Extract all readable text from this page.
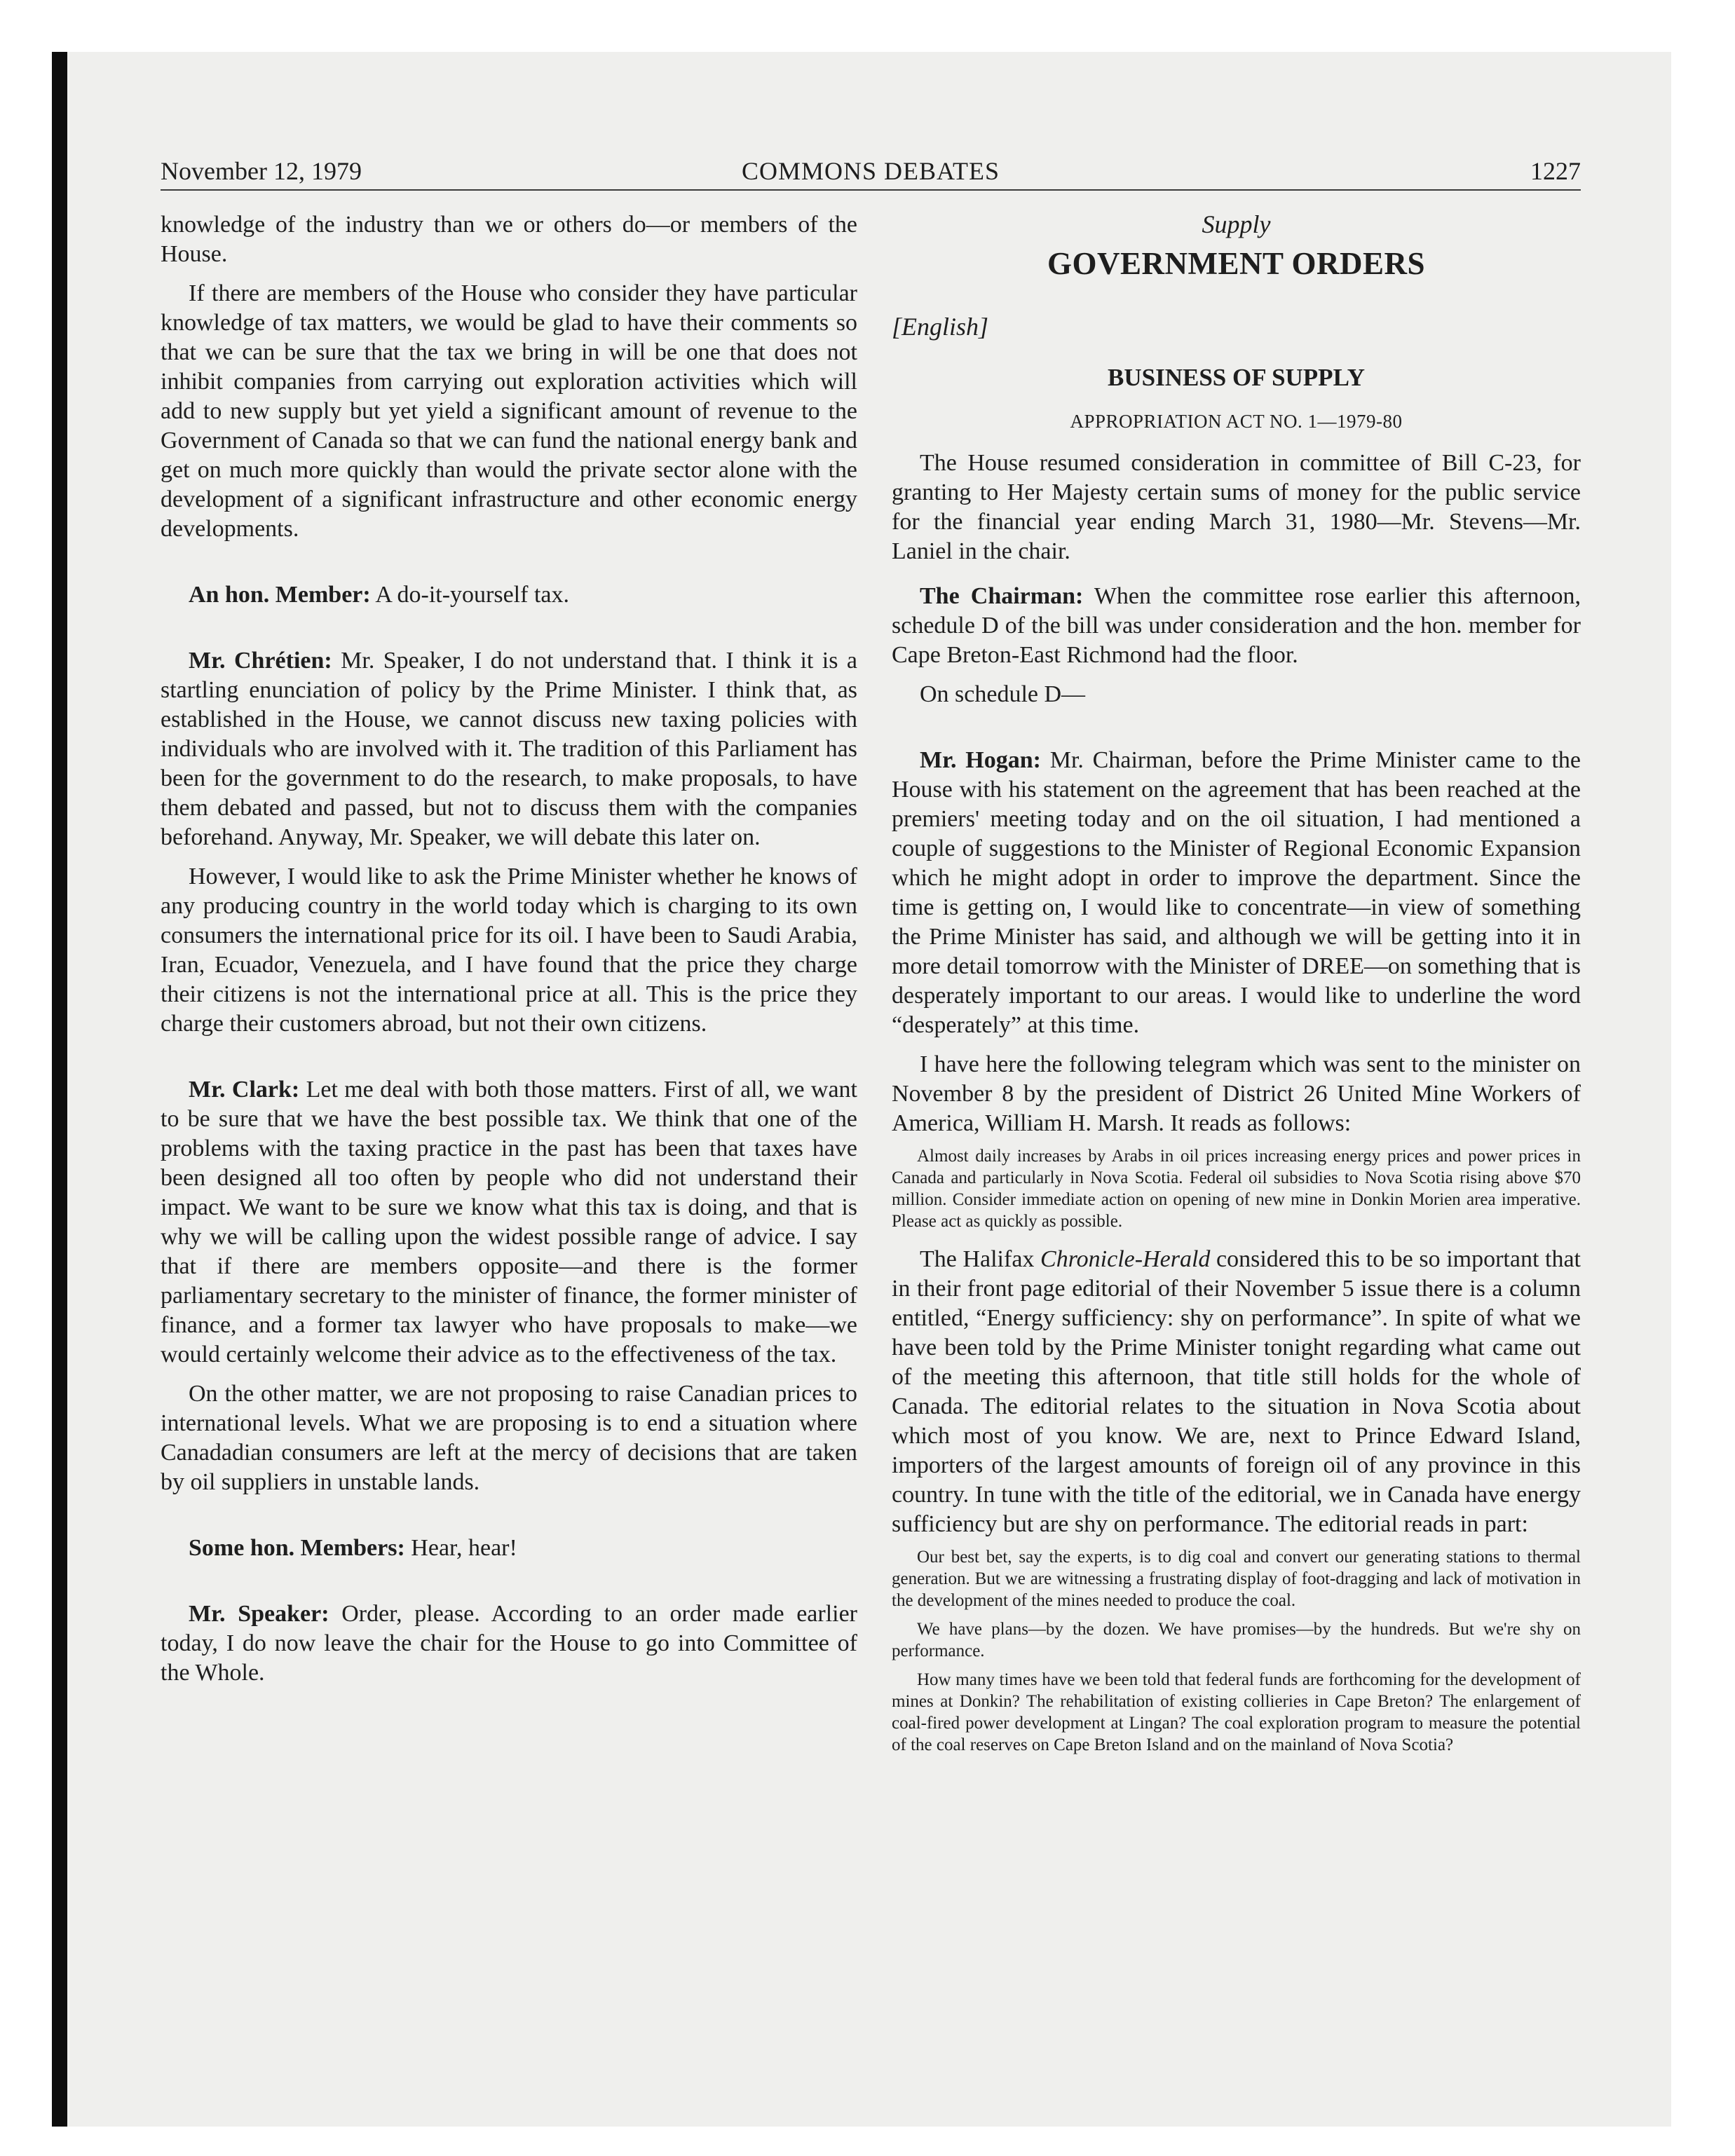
November 12, 1979	COMMONS DEBATES	1227

knowledge of the industry than we or others do—or members of the House.

If there are members of the House who consider they have particular knowledge of tax matters, we would be glad to have their comments so that we can be sure that the tax we bring in will be one that does not inhibit companies from carrying out exploration activities which will add to new supply but yet yield a significant amount of revenue to the Government of Canada so that we can fund the national energy bank and get on much more quickly than would the private sector alone with the development of a significant infrastructure and other economic energy developments.

An hon. Member: A do-it-yourself tax.

Mr. Chrétien: Mr. Speaker, I do not understand that. I think it is a startling enunciation of policy by the Prime Minister. I think that, as established in the House, we cannot discuss new taxing policies with individuals who are involved with it. The tradition of this Parliament has been for the government to do the research, to make proposals, to have them debated and passed, but not to discuss them with the companies beforehand. Anyway, Mr. Speaker, we will debate this later on.

However, I would like to ask the Prime Minister whether he knows of any producing country in the world today which is charging to its own consumers the international price for its oil. I have been to Saudi Arabia, Iran, Ecuador, Venezuela, and I have found that the price they charge their citizens is not the international price at all. This is the price they charge their customers abroad, but not their own citizens.

Mr. Clark: Let me deal with both those matters. First of all, we want to be sure that we have the best possible tax. We think that one of the problems with the taxing practice in the past has been that taxes have been designed all too often by people who did not understand their impact. We want to be sure we know what this tax is doing, and that is why we will be calling upon the widest possible range of advice. I say that if there are members opposite—and there is the former parliamentary secretary to the minister of finance, the former minister of finance, and a former tax lawyer who have proposals to make—we would certainly welcome their advice as to the effectiveness of the tax.

On the other matter, we are not proposing to raise Canadian prices to international levels. What we are proposing is to end a situation where Canadadian consumers are left at the mercy of decisions that are taken by oil suppliers in unstable lands.

Some hon. Members: Hear, hear!

Mr. Speaker: Order, please. According to an order made earlier today, I do now leave the chair for the House to go into Committee of the Whole.

Supply

GOVERNMENT ORDERS

[English]

BUSINESS OF SUPPLY

APPROPRIATION ACT NO. 1—1979-80

The House resumed consideration in committee of Bill C-23, for granting to Her Majesty certain sums of money for the public service for the financial year ending March 31, 1980—Mr. Stevens—Mr. Laniel in the chair.

The Chairman: When the committee rose earlier this afternoon, schedule D of the bill was under consideration and the hon. member for Cape Breton-East Richmond had the floor.

On schedule D—

Mr. Hogan: Mr. Chairman, before the Prime Minister came to the House with his statement on the agreement that has been reached at the premiers' meeting today and on the oil situation, I had mentioned a couple of suggestions to the Minister of Regional Economic Expansion which he might adopt in order to improve the department. Since the time is getting on, I would like to concentrate—in view of something the Prime Minister has said, and although we will be getting into it in more detail tomorrow with the Minister of DREE—on something that is desperately important to our areas. I would like to underline the word “desperately” at this time.

I have here the following telegram which was sent to the minister on November 8 by the president of District 26 United Mine Workers of America, William H. Marsh. It reads as follows:

Almost daily increases by Arabs in oil prices increasing energy prices and power prices in Canada and particularly in Nova Scotia. Federal oil subsidies to Nova Scotia rising above $70 million. Consider immediate action on opening of new mine in Donkin Morien area imperative. Please act as quickly as possible.

The Halifax Chronicle-Herald considered this to be so important that in their front page editorial of their November 5 issue there is a column entitled, “Energy sufficiency: shy on performance”. In spite of what we have been told by the Prime Minister tonight regarding what came out of the meeting this afternoon, that title still holds for the whole of Canada. The editorial relates to the situation in Nova Scotia about which most of you know. We are, next to Prince Edward Island, importers of the largest amounts of foreign oil of any province in this country. In tune with the title of the editorial, we in Canada have energy sufficiency but are shy on performance. The editorial reads in part:

Our best bet, say the experts, is to dig coal and convert our generating stations to thermal generation. But we are witnessing a frustrating display of foot-dragging and lack of motivation in the development of the mines needed to produce the coal.

We have plans—by the dozen. We have promises—by the hundreds. But we're shy on performance.

How many times have we been told that federal funds are forthcoming for the development of mines at Donkin? The rehabilitation of existing collieries in Cape Breton? The enlargement of coal-fired power development at Lingan? The coal exploration program to measure the potential of the coal reserves on Cape Breton Island and on the mainland of Nova Scotia?
